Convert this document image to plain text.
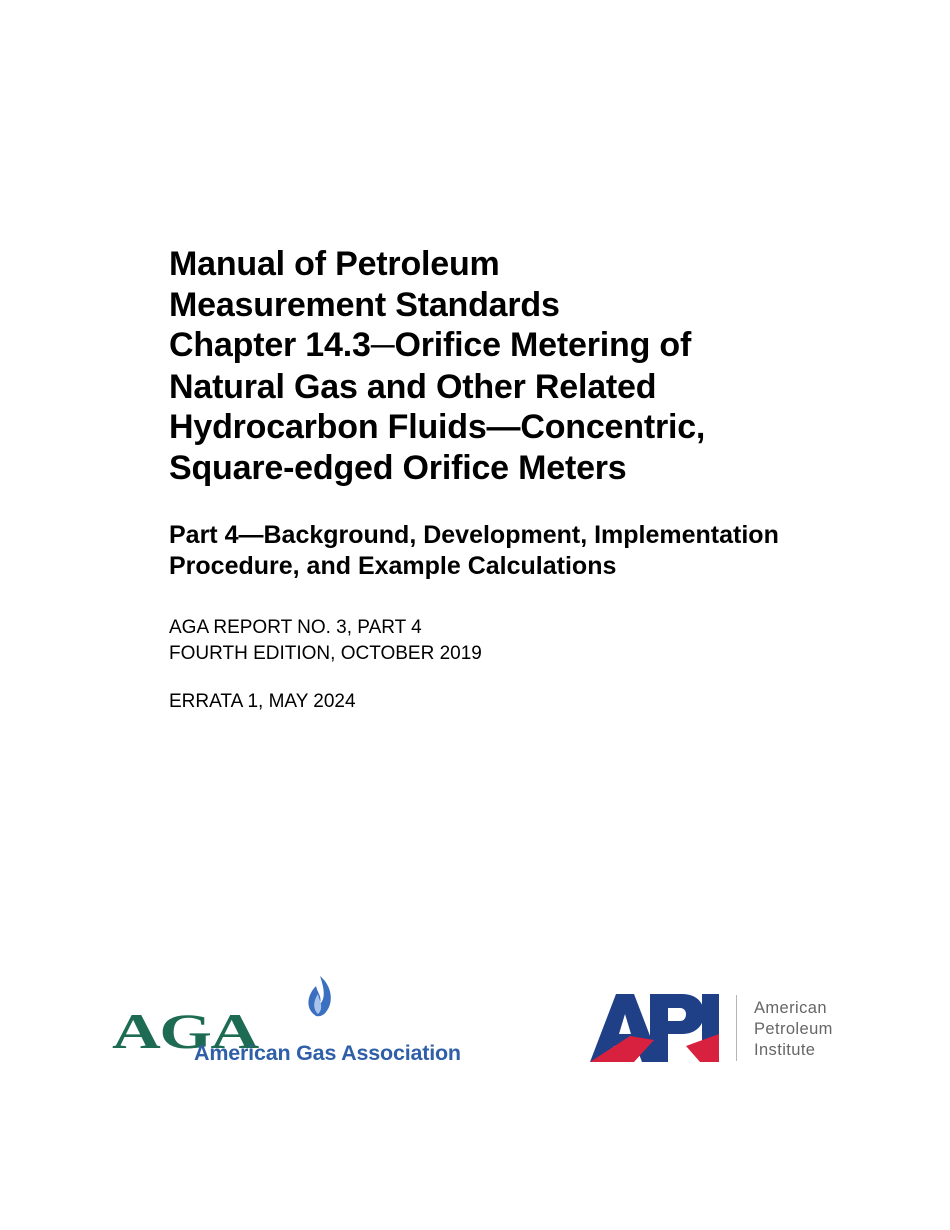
Manual of Petroleum
Measurement Standards
Chapter 14.3—Orifice Metering of
Natural Gas and Other Related
Hydrocarbon Fluids—Concentric,
Square-edged Orifice Meters
Part 4—Background, Development, Implementation
Procedure, and Example Calculations
AGA REPORT NO. 3, PART 4
FOURTH EDITION, OCTOBER 2019
ERRATA 1, MAY 2024
AGA
American Gas Association
American
Petroleum
Institute
